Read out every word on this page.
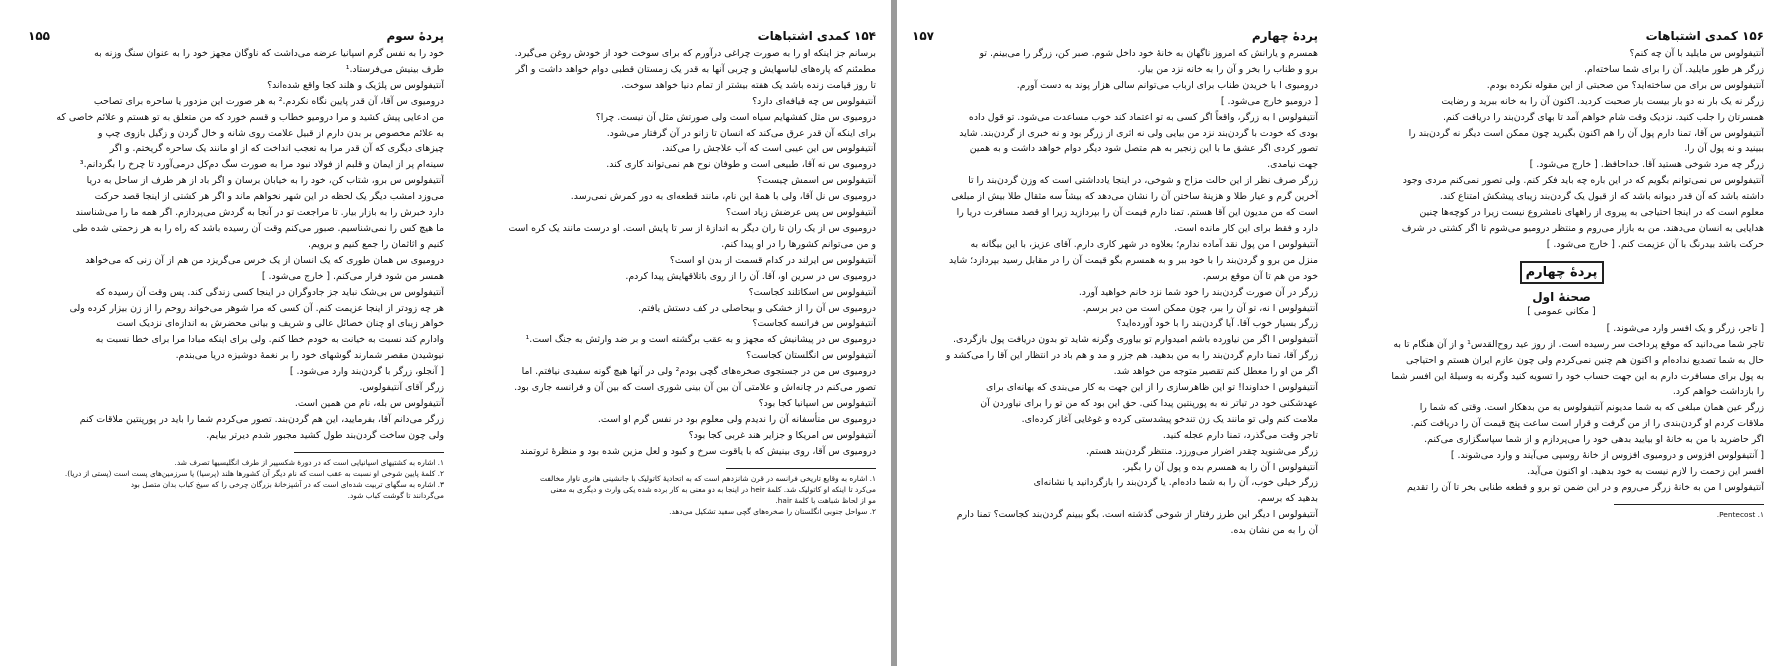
پردهٔ سوم
۱۵۵

خود را به نفس گرم اسپانیا عرضه می‌داشت که ناوگان مجهز خود را به عنوان سنگ وزنه به

طرف بینیش می‌فرستاد.¹

آنتیفولوس س پلژیک و هلند کجا واقع شده‌اند؟

درومیوی س آقا، آن قدر پایین نگاه نکردم.² به هر صورت این مزدور یا ساحره برای تصاحب

من ادعایی پیش کشید و مرا درومیو خطاب و قسم خورد که من متعلق به تو هستم و علائم خاصی که

به علائم مخصوص بر بدن دارم از قبیل علامت روی شانه و خال گردن و زگیل بازوی چپ و

چیزهای دیگری که آن قدر مرا به تعجب انداخت که از او مانند یک ساحره گریختم. و اگر

سینه‌ام پر از ایمان و قلبم از فولاد نبود مرا به صورت سگ دم‌کل درمی‌آورد تا چرخ را بگردانم.³

آنتیفولوس س برو، شتاب کن، خود را به خیابان برسان و اگر باد از هر طرف از ساحل به دریا

می‌وزد امشب دیگر یک لحظه در این شهر نخواهم ماند و اگر هر کشتی از اینجا قصد حرکت

دارد خبرش را به بازار بیار. تا مراجعت تو در آنجا به گردش می‌پردازم. اگر همه ما را می‌شناسند

ما هیچ کس را نمی‌شناسیم. صبور می‌کنم وقت آن رسیده باشد که راه را به هر زحمتی شده طی

کنیم و اثاثمان را جمع کنیم و برویم.

درومیوی س همان طوری که یک انسان از یک خرس می‌گریزد من هم از آن زنی که می‌خواهد

همسر من شود فرار می‌کنم. [ خارج می‌شود. ]

آنتیفولوس س بی‌شک نباید جز جادوگران در اینجا کسی زندگی کند. پس وقت آن رسیده که

هر چه زودتر از اینجا عزیمت کنم. آن کسی که مرا شوهر می‌خواند روحم را از زن بیزار کرده ولی

خواهر زیبای او چنان خصائل عالی و شریف و بیانی محضرش به اندازه‌ای نزدیک است

وادارم کند نسبت به خیانت به خودم خطا کنم. ولی برای اینکه مبادا مرا برای خطا نسبت به

نیوشیدن مقصر شمارند گوشهای خود را بر نغمهٔ دوشیزه دریا می‌بندم.

[ آنجلو، زرگر با گردن‌بند وارد می‌شود. ]

زرگر آقای آنتیفولوس.

آنتیفولوس س بله، نام من همین است.

زرگر می‌دانم آقا، بفرمایید، این هم گردن‌بند. تصور می‌کردم شما را باید در پورپنتین ملاقات کنم

ولی چون ساخت گردن‌بند طول کشید مجبور شدم دیرتر بیایم.

۱. اشاره به کشتیهای اسپانیایی است که در دورهٔ شکسپیر از طرف انگلیسیها تصرف شد.

۲. کلمهٔ پایین شوخی او نسبت به عقب است که نام دیگر آن کشورها هلند (پرسیا) یا سرزمین‌های پست است (پستی از دریا).

۳. اشاره به سگهای تربیت شده‌ای است که در آشپزخانهٔ بزرگان چرخی را که سیخ کباب بدان متصل بود

می‌گردانند تا گوشت کباب شود.

۱۵۴ کمدی اشتباهات

برسانم جز اینکه او را به صورت چراغی درآورم که برای سوخت خود از خودش روغن می‌گیرد.

مطمئنم که پاره‌های لباسهایش و چربی آنها به قدر یک زمستان قطبی دوام خواهد داشت و اگر

تا روز قیامت زنده باشد یک هفته بیشتر از تمام دنیا خواهد سوخت.

آنتیفولوس س چه قیافه‌ای دارد؟

درومیوی س مثل کفشهایم سیاه است ولی صورتش مثل آن نیست. چرا؟

برای اینکه آن قدر عرق می‌کند که انسان تا زانو در آن گرفتار می‌شود.

آنتیفولوس س این عیبی است که آب علاجش را می‌کند.

درومیوی س نه آقا، طبیعی است و طوفان نوح هم نمی‌تواند کاری کند.

آنتیفولوس س اسمش چیست؟

درومیوی س نل آقا، ولی با همهٔ این نام، مانند قطعه‌ای به دور کمرش نمی‌رسد.

آنتیفولوس س پس عرضش زیاد است؟

درومیوی س از یک ران تا ران دیگر به اندازهٔ از سر تا پایش است. او درست مانند یک کره است

و من می‌توانم کشورها را در او پیدا کنم.

آنتیفولوس س ایرلند در کدام قسمت از بدن او است؟

درومیوی س در سرین او، آقا. آن را از روی باتلاقهایش پیدا کردم.

آنتیفولوس س اسکاتلند کجاست؟

درومیوی س آن را از خشکی و بیحاصلی در کف دستش یافتم.

آنتیفولوس س فرانسه کجاست؟

درومیوی س در پیشانیش که مجهز و به عقب برگشته است و بر ضد وارثش به جنگ است.¹

آنتیفولوس س انگلستان کجاست؟

درومیوی س من در جستجوی صخره‌های گچی بودم² ولی در آنها هیچ گونه سفیدی نیافتم. اما

تصور می‌کنم در چانه‌اش و علامتی آن بین آن بینی شوری است که بین آن و فرانسه جاری بود.

آنتیفولوس س اسپانیا کجا بود؟

درومیوی س متأسفانه آن را ندیدم ولی معلوم بود در نفس گرم او است.

آنتیفولوس س امریکا و جزایر هند غربی کجا بود؟

درومیوی س آقا، روی بینیش که با یاقوت سرخ و کبود و لعل مزین شده بود و منظرهٔ ثروتمند

۱. اشاره به وقایع تاریخی فرانسه در قرن شانزدهم است که به اتحادیهٔ کاتولیک با جانشینی هانری ناوار مخالفت

می‌کرد تا اینکه او کاتولیک شد. کلمهٔ heir در اینجا به دو معنی به کار برده شده یکی وارث و دیگری به معنی

مو از لحاظ شباهت با کلمهٔ hair.

۲. سواحل جنوبی انگلستان را صخره‌های گچی سفید تشکیل می‌دهد.

پردهٔ چهارم
۱۵۷

همسرم و یارانش که امروز ناگهان به خانهٔ خود داخل شوم. صبر کن، زرگر را می‌بینم. تو

برو و طناب را بخر و آن را به خانه نزد من بیار.

درومیوی ا با خریدن طناب برای ارباب می‌توانم سالی هزار پوند به دست آورم.

[ درومیو خارج می‌شود. ]

آنتیفولوس ا به زرگر، واقعاً اگر کسی به تو اعتماد کند خوب مساعدت می‌شود. تو قول داده

بودی که خودت با گردن‌بند نزد من بیایی ولی نه اثری از زرگر بود و نه خبری از گردن‌بند. شاید

تصور کردی اگر عشق ما با این زنجیر به هم متصل شود دیگر دوام خواهد داشت و به همین

جهت نیامدی.

زرگر صرف نظر از این حالت مزاح و شوخی، در اینجا یادداشتی است که وزن گردن‌بند را تا

آخرین گرم و عیار طلا و هزینهٔ ساختن آن را نشان می‌دهد که بیشاً سه مثقال طلا بیش از مبلغی

است که من مدیون این آقا هستم. تمنا دارم قیمت آن را بپردازید زیرا او قصد مسافرت دریا را

دارد و فقط برای این کار مانده است.

آنتیفولوس ا من پول نقد آماده ندارم؛ بعلاوه در شهر کاری دارم. آقای عزیز، با این بیگانه به

منزل من برو و گردن‌بند را با خود ببر و به همسرم بگو قیمت آن را در مقابل رسید بپردازد؛ شاید

خود من هم تا آن موقع برسم.

زرگر در آن صورت گردن‌بند را خود شما نزد خانم خواهید آورد.

آنتیفولوس ا نه، تو آن را ببر، چون ممکن است من دیر برسم.

زرگر بسیار خوب آقا. آیا گردن‌بند را با خود آورده‌اید؟

آنتیفولوس ا اگر من نیاورده باشم امیدوارم تو بیاوری وگرنه شاید تو بدون دریافت پول بازگردی.

زرگر آقا، تمنا دارم گردن‌بند را به من بدهید. هم جزر و مد و هم باد در انتظار این آقا را می‌کشد و

اگر من او را معطل کنم تقصیر متوجه من خواهد شد.

آنتیفولوس ا خداوندا! تو این ظاهرسازی را از این جهت به کار می‌بندی که بهانه‌ای برای

عهدشکنی خود در تیاتر نه به پورپنتین پیدا کنی. حق این بود که من تو را برای نیاوردن آن

ملامت کنم ولی تو مانند یک زن تندخو پیشدستی کرده و غوغایی آغاز کرده‌ای.

تاجر وقت می‌گذرد، تمنا دارم عجله کنید.

زرگر می‌شنوید چقدر اضرار می‌ورزد. منتظر گردن‌بند هستم.

آنتیفولوس ا آن را به همسرم بده و پول آن را بگیر.

زرگر خیلی خوب، آن را به شما داده‌ام. یا گردن‌بند را بازگردانید یا نشانه‌ای

بدهید که برسم.

آنتیفولوس ا دیگر این طرز رفتار از شوخی گذشته است. بگو ببینم گردن‌بند کجاست؟ تمنا دارم

آن را به من نشان بده.

۱۵۶ کمدی اشتباهات

آنتیفولوس س مایلید با آن چه کنم؟

زرگر هر طور مایلید. آن را برای شما ساخته‌ام.

آنتیفولوس س برای من ساخته‌اید؟ من صحبتی از این مقوله نکرده بودم.

زرگر نه یک بار نه دو بار بیست بار صحبت کردید. اکنون آن را به خانه ببرید و رضایت

همسرتان را جلب کنید. نزدیک وقت شام خواهم آمد تا بهای گردن‌بند را دریافت کنم.

آنتیفولوس س آقا، تمنا دارم پول آن را هم اکنون بگیرید چون ممکن است دیگر نه گردن‌بند را

ببینید و نه پول آن را.

زرگر چه مرد شوخی هستید آقا. خداحافظ. [ خارج می‌شود. ]

آنتیفولوس س نمی‌توانم بگویم که در این باره چه باید فکر کنم. ولی تصور نمی‌کنم مردی وجود

داشته باشد که آن قدر دیوانه باشد که از قبول یک گردن‌بند زیبای پیشکش امتناع کند.

معلوم است که در اینجا احتیاجی به پیروی از راههای نامشروع نیست زیرا در کوچه‌ها چنین

هدایایی به انسان می‌دهند. من به بازار می‌روم و منتظر درومیو می‌شوم تا اگر کشتی در شرف

حرکت باشد بیدرنگ با آن عزیمت کنم. [ خارج می‌شود. ]

پردهٔ چهارم
صحنهٔ اول
[ مکانی عمومی ]

[ تاجر، زرگر و یک افسر وارد می‌شوند. ]

تاجر شما می‌دانید که موقع پرداخت سر رسیده است. از روز عید روح‌القدس¹ و از آن هنگام تا به

حال به شما تصدیع نداده‌ام و اکنون هم چنین نمی‌کردم ولی چون عازم ایران هستم و احتیاجی

به پول برای مسافرت دارم به این جهت حساب خود را تسویه کنید وگرنه به وسیلهٔ این افسر شما

را بازداشت خواهم کرد.

زرگر عین همان مبلغی که به شما مدیونم آنتیفولوس به من بدهکار است. وقتی که شما را

ملاقات کردم او گردن‌بندی را از من گرفت و قرار است ساعت پنج قیمت آن را دریافت کنم.

اگر حاضرید با من به خانهٔ او بیایید بدهی خود را می‌پردازم و از شما سپاسگزاری می‌کنم.

[ آنتیفولوس افزوس و درومیوی افزوس از خانهٔ روسپی می‌آیند و وارد می‌شوند. ]

افسر این زحمت را لازم نیست به خود بدهید. او اکنون می‌آید.

آنتیفولوس ا من به خانهٔ زرگر می‌روم و در این ضمن تو برو و قطعه طنابی بخر تا آن را تقدیم

۱. Pentecost.
